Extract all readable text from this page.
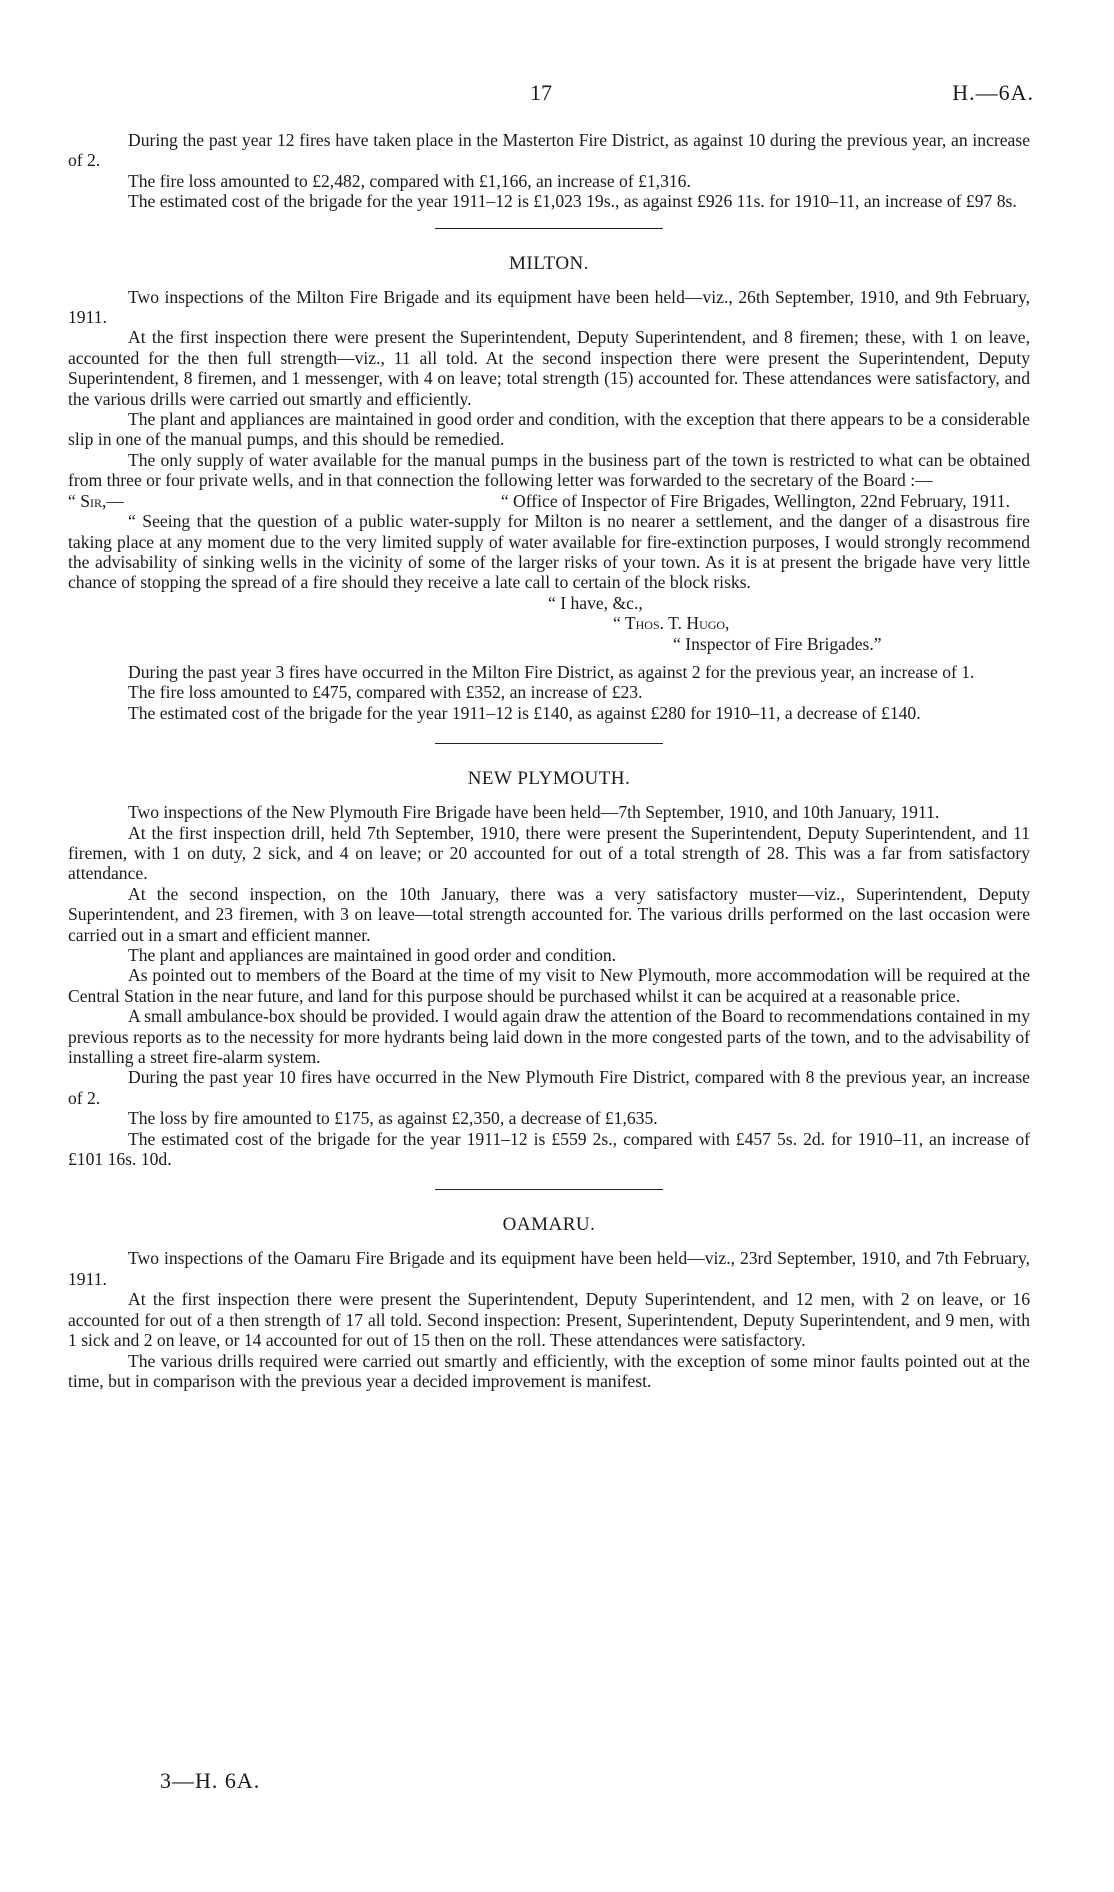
17	H.—6A.

During the past year 12 fires have taken place in the Masterton Fire District, as against 10 during the previous year, an increase of 2.

The fire loss amounted to £2,482, compared with £1,166, an increase of £1,316.

The estimated cost of the brigade for the year 1911–12 is £1,023 19s., as against £926 11s. for 1910–11, an increase of £97 8s.

MILTON.

Two inspections of the Milton Fire Brigade and its equipment have been held—viz., 26th September, 1910, and 9th February, 1911.

At the first inspection there were present the Superintendent, Deputy Superintendent, and 8 firemen; these, with 1 on leave, accounted for the then full strength—viz., 11 all told. At the second inspection there were present the Superintendent, Deputy Superintendent, 8 firemen, and 1 messenger, with 4 on leave; total strength (15) accounted for. These attendances were satisfactory, and the various drills were carried out smartly and efficiently.

The plant and appliances are maintained in good order and condition, with the exception that there appears to be a considerable slip in one of the manual pumps, and this should be remedied.

The only supply of water available for the manual pumps in the business part of the town is restricted to what can be obtained from three or four private wells, and in that connection the following letter was forwarded to the secretary of the Board :—

“ Sir,—	“ Office of Inspector of Fire Brigades, Wellington, 22nd February, 1911.

“ Seeing that the question of a public water-supply for Milton is no nearer a settlement, and the danger of a disastrous fire taking place at any moment due to the very limited supply of water available for fire-extinction purposes, I would strongly recommend the advisability of sinking wells in the vicinity of some of the larger risks of your town. As it is at present the brigade have very little chance of stopping the spread of a fire should they receive a late call to certain of the block risks.

“ I have, &c.,

“ Thos. T. Hugo,

“ Inspector of Fire Brigades.”

During the past year 3 fires have occurred in the Milton Fire District, as against 2 for the previous year, an increase of 1.

The fire loss amounted to £475, compared with £352, an increase of £23.

The estimated cost of the brigade for the year 1911–12 is £140, as against £280 for 1910–11, a decrease of £140.

NEW PLYMOUTH.

Two inspections of the New Plymouth Fire Brigade have been held—7th September, 1910, and 10th January, 1911.

At the first inspection drill, held 7th September, 1910, there were present the Superintendent, Deputy Superintendent, and 11 firemen, with 1 on duty, 2 sick, and 4 on leave; or 20 accounted for out of a total strength of 28. This was a far from satisfactory attendance.

At the second inspection, on the 10th January, there was a very satisfactory muster—viz., Superintendent, Deputy Superintendent, and 23 firemen, with 3 on leave—total strength accounted for. The various drills performed on the last occasion were carried out in a smart and efficient manner.

The plant and appliances are maintained in good order and condition.

As pointed out to members of the Board at the time of my visit to New Plymouth, more accommodation will be required at the Central Station in the near future, and land for this purpose should be purchased whilst it can be acquired at a reasonable price.

A small ambulance-box should be provided. I would again draw the attention of the Board to recommendations contained in my previous reports as to the necessity for more hydrants being laid down in the more congested parts of the town, and to the advisability of installing a street fire-alarm system.

During the past year 10 fires have occurred in the New Plymouth Fire District, compared with 8 the previous year, an increase of 2.

The loss by fire amounted to £175, as against £2,350, a decrease of £1,635.

The estimated cost of the brigade for the year 1911–12 is £559 2s., compared with £457 5s. 2d. for 1910–11, an increase of £101 16s. 10d.

OAMARU.

Two inspections of the Oamaru Fire Brigade and its equipment have been held—viz., 23rd September, 1910, and 7th February, 1911.

At the first inspection there were present the Superintendent, Deputy Superintendent, and 12 men, with 2 on leave, or 16 accounted for out of a then strength of 17 all told. Second inspection: Present, Superintendent, Deputy Superintendent, and 9 men, with 1 sick and 2 on leave, or 14 accounted for out of 15 then on the roll. These attendances were satisfactory.

The various drills required were carried out smartly and efficiently, with the exception of some minor faults pointed out at the time, but in comparison with the previous year a decided improvement is manifest.

3—H. 6A.
